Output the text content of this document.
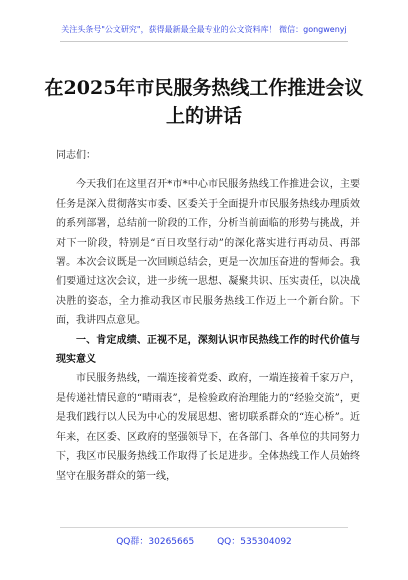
关注头条号"公文研究"，获得最新最全最专业的公文资料库！ 微信：gongwenyj
在2025年市民服务热线工作推进会议上的讲话

同志们：

今天我们在这里召开*市*中心市民服务热线工作推进会议，主要任务是深入贯彻落实市委、区委关于全面提升市民服务热线办理质效的系列部署，总结前一阶段的工作，分析当前面临的形势与挑战，并对下一阶段，特别是“百日攻坚行动”的深化落实进行再动员、再部署。本次会议既是一次回顾总结会，更是一次加压奋进的誓师会。我们要通过这次会议，进一步统一思想、凝聚共识、压实责任，以决战决胜的姿态，全力推动我区市民服务热线工作迈上一个新台阶。下面，我讲四点意见。

一、肯定成绩、正视不足，深刻认识市民热线工作的时代价值与现实意义

市民服务热线，一端连接着党委、政府，一端连接着千家万户，是传递社情民意的“晴雨表”，是检验政府治理能力的“经验交流”，更是我们践行以人民为中心的发展思想、密切联系群众的“连心桥”。近年来，在区委、区政府的坚强领导下，在各部门、各单位的共同努力下，我区市民服务热线工作取得了长足进步。全体热线工作人员始终坚守在服务群众的第一线，

QQ群：30265665	QQ：535304092
